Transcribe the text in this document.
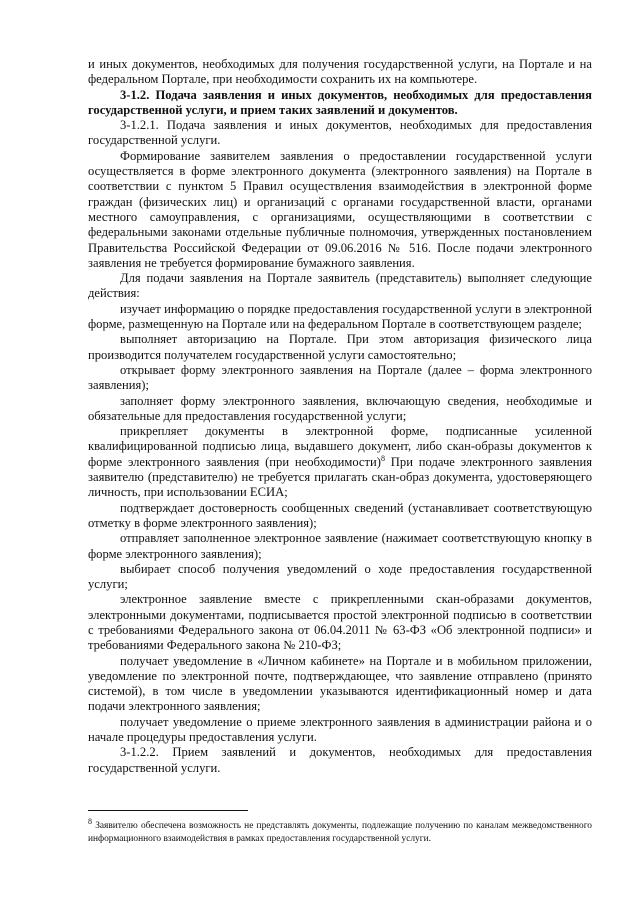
и иных документов, необходимых для получения государственной услуги, на Портале и на федеральном Портале, при необходимости сохранить их на компьютере.

3-1.2. Подача заявления и иных документов, необходимых для предоставления государственной услуги, и прием таких заявлений и документов.

3-1.2.1. Подача заявления и иных документов, необходимых для предоставления государственной услуги.

Формирование заявителем заявления о предоставлении государственной услуги осуществляется в форме электронного документа (электронного заявления) на Портале в соответствии с пунктом 5 Правил осуществления взаимодействия в электронной форме граждан (физических лиц) и организаций с органами государственной власти, органами местного самоуправления, с организациями, осуществляющими в соответствии с федеральными законами отдельные публичные полномочия, утвержденных постановлением Правительства Российской Федерации от 09.06.2016 № 516. После подачи электронного заявления не требуется формирование бумажного заявления.

Для подачи заявления на Портале заявитель (представитель) выполняет следующие действия:

изучает информацию о порядке предоставления государственной услуги в электронной форме, размещенную на Портале или на федеральном Портале в соответствующем разделе;

выполняет авторизацию на Портале. При этом авторизация физического лица производится получателем государственной услуги самостоятельно;

открывает форму электронного заявления на Портале (далее – форма электронного заявления);

заполняет форму электронного заявления, включающую сведения, необходимые и обязательные для предоставления государственной услуги;

прикрепляет документы в электронной форме, подписанные усиленной квалифицированной подписью лица, выдавшего документ, либо скан-образы документов к форме электронного заявления (при необходимости)$^8$ При подаче электронного заявления заявителю (представителю) не требуется прилагать скан-образ документа, удостоверяющего личность, при использовании ЕСИА;

подтверждает достоверность сообщенных сведений (устанавливает соответствующую отметку в форме электронного заявления);

отправляет заполненное электронное заявление (нажимает соответствующую кнопку в форме электронного заявления);

выбирает способ получения уведомлений о ходе предоставления государственной услуги;

электронное заявление вместе с прикрепленными скан-образами документов, электронными документами, подписывается простой электронной подписью в соответствии с требованиями Федерального закона от 06.04.2011 № 63-ФЗ «Об электронной подписи» и требованиями Федерального закона № 210-ФЗ;

получает уведомление в «Личном кабинете» на Портале и в мобильном приложении, уведомление по электронной почте, подтверждающее, что заявление отправлено (принято системой), в том числе в уведомлении указываются идентификационный номер и дата подачи электронного заявления;

получает уведомление о приеме электронного заявления в администрации района и о начале процедуры предоставления услуги.

3-1.2.2. Прием заявлений и документов, необходимых для предоставления государственной услуги.

8 Заявителю обеспечена возможность не представлять документы, подлежащие получению по каналам межведомственного информационного взаимодействия в рамках предоставления государственной услуги.
